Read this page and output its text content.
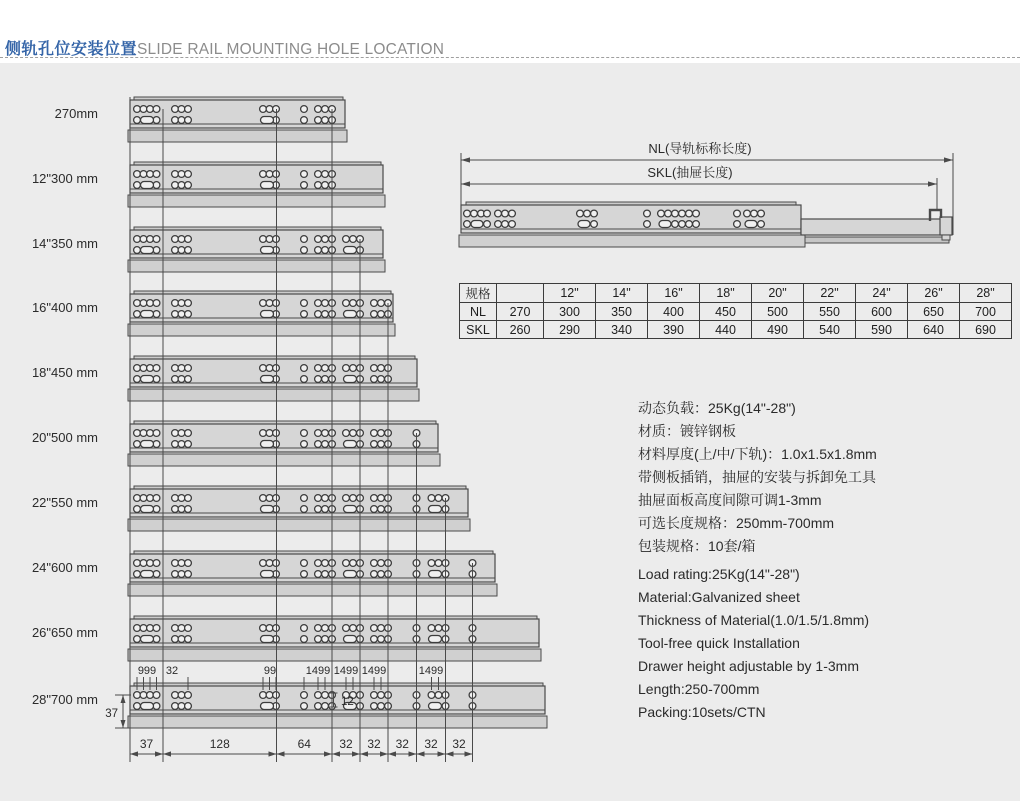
侧轨孔位安装位置SLIDE RAIL MOUNTING HOLE LOCATION
270mm
12"300 mm
14"350 mm
16"400 mm
18"450 mm
20"500 mm
22"550 mm
24"600 mm
26"650 mm
28"700 mm
999 32	99	1499 1499 1499	1499
12
37
37	128	64 32 32 32 32 32
NL(导轨标称长度)
SKL(抽屉长度)
规格		12"	14"	16"	18"	20"	22"	24"	26"	28"
NL	270	300	350	400	450	500	550	600	650	700
SKL	260	290	340	390	440	490	540	590	640	690
动态负载：25Kg(14"-28")
材质：镀锌钢板
材料厚度(上/中/下轨)：1.0x1.5x1.8mm
带侧板插销，抽屉的安装与拆卸免工具
抽屉面板高度间隙可调1-3mm
可选长度规格：250mm-700mm
包装规格：10套/箱
Load rating:25Kg(14"-28")
Material:Galvanized sheet
Thickness of Material(1.0/1.5/1.8mm)
Tool-free quick Installation
Drawer height adjustable by 1-3mm
Length:250-700mm
Packing:10sets/CTN
